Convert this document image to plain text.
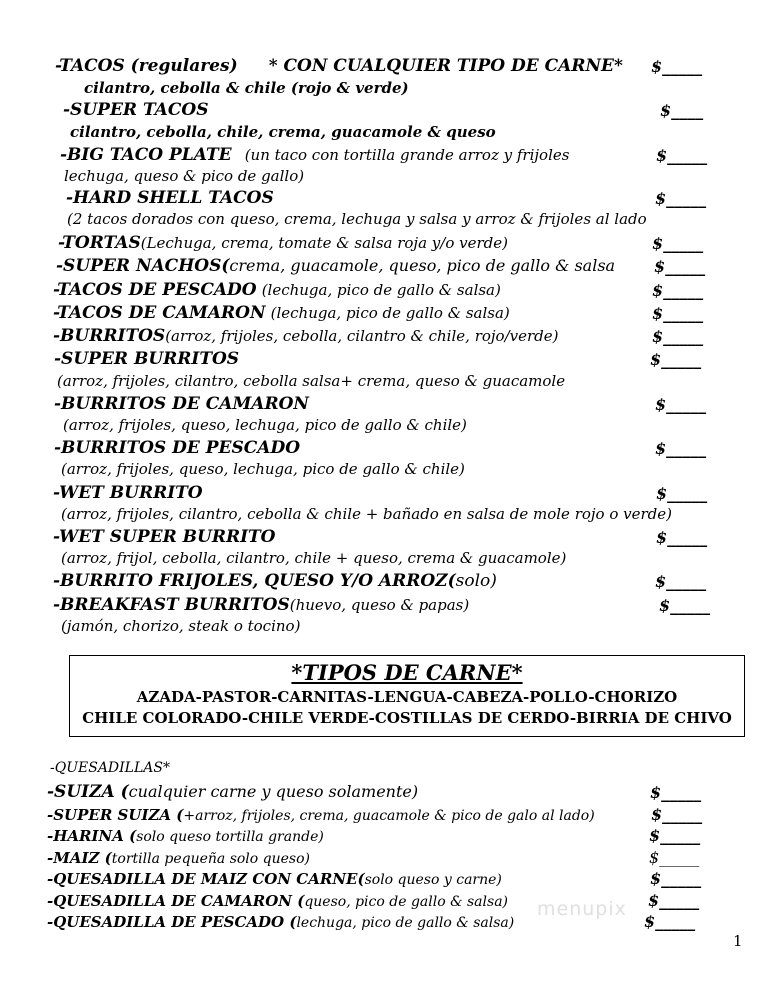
-TACOS (regulares) * CON CUALQUIER TIPO DE CARNE* $_____
cilantro, cebolla & chile (rojo & verde)
-SUPER TACOS	$____
cilantro, cebolla, chile, crema, guacamole & queso
-BIG TACO PLATE (un taco con tortilla grande arroz y frijoles	$_____
lechuga, queso & pico de gallo)
-HARD SHELL TACOS	$_____
(2 tacos dorados con queso, crema, lechuga y salsa y arroz & frijoles al lado
-TORTAS(Lechuga, crema, tomate & salsa roja y/o verde)	$_____
-SUPER NACHOS(crema, guacamole, queso, pico de gallo & salsa $_____
-TACOS DE PESCADO (lechuga, pico de gallo & salsa)	$_____
-TACOS DE CAMARON (lechuga, pico de gallo & salsa)	$_____
-BURRITOS(arroz, frijoles, cebolla, cilantro & chile, rojo/verde)	$_____
-SUPER BURRITOS	$_____
(arroz, frijoles, cilantro, cebolla salsa+ crema, queso & guacamole
-BURRITOS DE CAMARON	$_____
(arroz, frijoles, queso, lechuga, pico de gallo & chile)
-BURRITOS DE PESCADO	$_____
(arroz, frijoles, queso, lechuga, pico de gallo & chile)
-WET BURRITO	$_____
(arroz, frijoles, cilantro, cebolla & chile + bañado en salsa de mole rojo o verde)
-WET SUPER BURRITO	$_____
(arroz, frijol, cebolla, cilantro, chile + queso, crema & guacamole)
-BURRITO FRIJOLES, QUESO Y/O ARROZ(solo)	$_____
-BREAKFAST BURRITOS(huevo, queso & papas)	$_____
(jamón, chorizo, steak o tocino)
*TIPOS DE CARNE*
AZADA-PASTOR-CARNITAS-LENGUA-CABEZA-POLLO-CHORIZO
CHILE COLORADO-CHILE VERDE-COSTILLAS DE CERDO-BIRRIA DE CHIVO
-QUESADILLAS*
-SUIZA (cualquier carne y queso solamente)	$_____
-SUPER SUIZA (+arroz, frijoles, crema, guacamole & pico de galo al lado)	$_____
-HARINA (solo queso tortilla grande)	$_____
-MAIZ (tortilla pequeña solo queso)	$_____
-QUESADILLA DE MAIZ CON CARNE(solo queso y carne)	$_____
-QUESADILLA DE CAMARON (queso, pico de gallo & salsa)	$_____
-QUESADILLA DE PESCADO (lechuga, pico de gallo & salsa)	$_____
menupix
1
